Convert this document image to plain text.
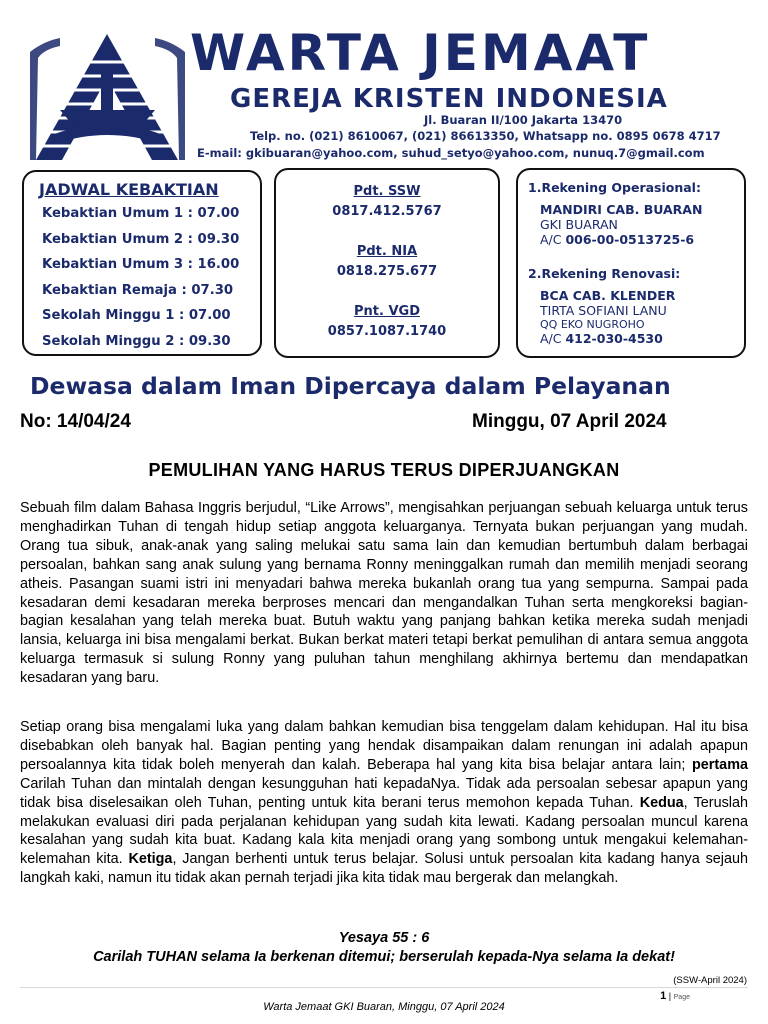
WARTA JEMAAT
GEREJA KRISTEN INDONESIA
Jl. Buaran II/100 Jakarta 13470
Telp. no. (021) 8610067, (021) 86613350, Whatsapp no. 0895 0678 4717
E-mail: gkibuaran@yahoo.com, suhud_setyo@yahoo.com, nunuq.7@gmail.com
JADWAL KEBAKTIAN
Kebaktian Umum 1 : 07.00
Kebaktian Umum 2 : 09.30
Kebaktian Umum 3 : 16.00
Kebaktian Remaja : 07.30
Sekolah Minggu 1 : 07.00
Sekolah Minggu 2 : 09.30
Pdt. SSW
0817.412.5767
Pdt. NIA
0818.275.677
Pnt. VGD
0857.1087.1740
1.Rekening Operasional:
MANDIRI CAB. BUARAN
GKI BUARAN
A/C 006-00-0513725-6
2.Rekening Renovasi:
BCA CAB. KLENDER
TIRTA SOFIANI LANU
QQ EKO NUGROHO
A/C 412-030-4530
Dewasa dalam Iman Dipercaya dalam Pelayanan
No: 14/04/24	Minggu, 07 April 2024
PEMULIHAN YANG HARUS TERUS DIPERJUANGKAN
Sebuah film dalam Bahasa Inggris berjudul, “Like Arrows”, mengisahkan perjuangan sebuah keluarga untuk terus menghadirkan Tuhan di tengah hidup setiap anggota keluarganya. Ternyata bukan perjuangan yang mudah. Orang tua sibuk, anak-anak yang saling melukai satu sama lain dan kemudian bertumbuh dalam berbagai persoalan, bahkan sang anak sulung yang bernama Ronny meninggalkan rumah dan memilih menjadi seorang atheis. Pasangan suami istri ini menyadari bahwa mereka bukanlah orang tua yang sempurna. Sampai pada kesadaran demi kesadaran mereka berproses mencari dan mengandalkan Tuhan serta mengkoreksi bagian-bagian kesalahan yang telah mereka buat. Butuh waktu yang panjang bahkan ketika mereka sudah menjadi lansia, keluarga ini bisa mengalami berkat. Bukan berkat materi tetapi berkat pemulihan di antara semua anggota keluarga termasuk si sulung Ronny yang puluhan tahun menghilang akhirnya bertemu dan mendapatkan kesadaran yang baru.
Setiap orang bisa mengalami luka yang dalam bahkan kemudian bisa tenggelam dalam kehidupan. Hal itu bisa disebabkan oleh banyak hal. Bagian penting yang hendak disampaikan dalam renungan ini adalah apapun persoalannya kita tidak boleh menyerah dan kalah. Beberapa hal yang kita bisa belajar antara lain; pertama Carilah Tuhan dan mintalah dengan kesungguhan hati kepadaNya. Tidak ada persoalan sebesar apapun yang tidak bisa diselesaikan oleh Tuhan, penting untuk kita berani terus memohon kepada Tuhan. Kedua, Teruslah melakukan evaluasi diri pada perjalanan kehidupan yang sudah kita lewati. Kadang persoalan muncul karena kesalahan yang sudah kita buat. Kadang kala kita menjadi orang yang sombong untuk mengakui kelemahan-kelemahan kita. Ketiga, Jangan berhenti untuk terus belajar. Solusi untuk persoalan kita kadang hanya sejauh langkah kaki, namun itu tidak akan pernah terjadi jika kita tidak mau bergerak dan melangkah.
Yesaya 55 : 6
Carilah TUHAN selama Ia berkenan ditemui; berserulah kepada-Nya selama Ia dekat!
(SSW-April 2024)
1 | Page
Warta Jemaat GKI Buaran, Minggu, 07 April 2024
